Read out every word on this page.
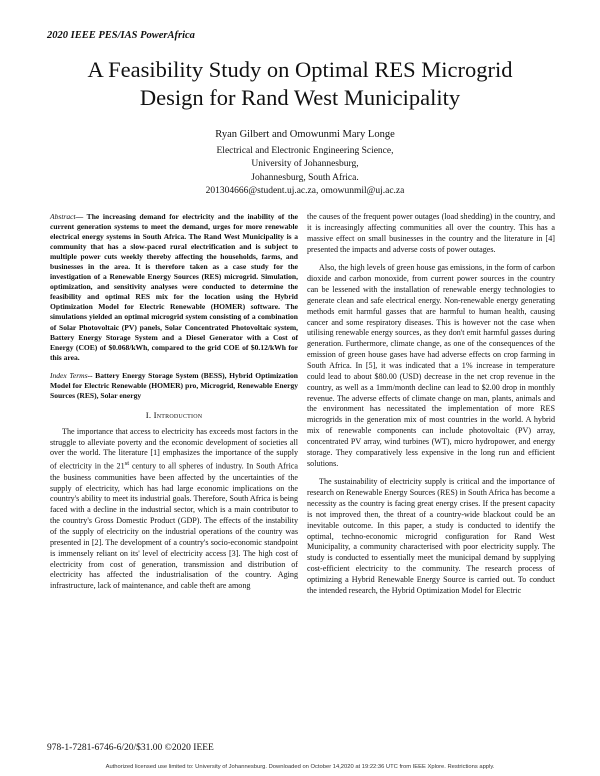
2020 IEEE PES/IAS PowerAfrica
A Feasibility Study on Optimal RES Microgrid
Design for Rand West Municipality
Ryan Gilbert and Omowunmi Mary Longe
Electrical and Electronic Engineering Science,
University of Johannesburg,
Johannesburg, South Africa.
201304666@student.uj.ac.za, omowunmil@uj.ac.za

Abstract— The increasing demand for electricity and the inability of the current generation systems to meet the demand, urges for more renewable electrical energy systems in South Africa. The Rand West Municipality is a community that has a slow-paced rural electrification and is subject to multiple power cuts weekly thereby affecting the households, farms, and businesses in the area. It is therefore taken as a case study for the investigation of a Renewable Energy Sources (RES) microgrid. Simulation, optimization, and sensitivity analyses were conducted to determine the feasibility and optimal RES mix for the location using the Hybrid Optimization Model for Electric Renewable (HOMER) software. The simulations yielded an optimal microgrid system consisting of a combination of Solar Photovoltaic (PV) panels, Solar Concentrated Photovoltaic system, Battery Energy Storage System and a Diesel Generator with a Cost of Energy (COE) of $0.068/kWh, compared to the grid COE of $0.12/kWh for this area.

Index Terms-- Battery Energy Storage System (BESS), Hybrid Optimization Model for Electric Renewable (HOMER) pro, Microgrid, Renewable Energy Sources (RES), Solar energy

I. Introduction

The importance that access to electricity has exceeds most factors in the struggle to alleviate poverty and the economic development of societies all over the world. The literature [1] emphasizes the importance of the supply of electricity in the 21st century to all spheres of industry. In South Africa the business communities have been affected by the uncertainties of the supply of electricity, which has had large economic implications on the country's ability to meet its industrial goals. Therefore, South Africa is being faced with a decline in the industrial sector, which is a main contributor to the country's Gross Domestic Product (GDP). The effects of the instability of the supply of electricity on the industrial operations of the country was presented in [2]. The development of a country's socio-economic standpoint is immensely reliant on its' level of electricity access [3]. The high cost of electricity from cost of generation, transmission and distribution of electricity has affected the industrialisation of the country. Aging infrastructure, lack of maintenance, and cable theft are among

the causes of the frequent power outages (load shedding) in the country, and it is increasingly affecting communities all over the country. This has a massive effect on small businesses in the country and the literature in [4] presented the impacts and adverse costs of power outages.

Also, the high levels of green house gas emissions, in the form of carbon dioxide and carbon monoxide, from current power sources in the country can be lessened with the installation of renewable energy technologies to generate clean and safe electrical energy. Non-renewable energy generating methods emit harmful gasses that are harmful to human health, causing cancer and some respiratory diseases. This is however not the case when utilising renewable energy sources, as they don't emit harmful gasses during generation. Furthermore, climate change, as one of the consequences of the emission of green house gases have had adverse effects on crop farming in South Africa. In [5], it was indicated that a 1% increase in temperature could lead to about $80.00 (USD) decrease in the net crop revenue in the country, as well as a 1mm/month decline can lead to $2.00 drop in monthly revenue. The adverse effects of climate change on man, plants, animals and the environment has necessitated the implementation of more RES microgrids in the generation mix of most countries in the world. A hybrid mix of renewable components can include photovoltaic (PV) array, concentrated PV array, wind turbines (WT), micro hydropower, and energy storage. They comparatively less expensive in the long run and efficient solutions.

The sustainability of electricity supply is critical and the importance of research on Renewable Energy Sources (RES) in South Africa has become a necessity as the country is facing great energy crises. If the present capacity is not improved then, the threat of a country-wide blackout could be an inevitable outcome. In this paper, a study is conducted to identify the optimal, techno-economic microgrid configuration for Rand West Municipality, a community characterised with poor electricity supply. The study is conducted to essentially meet the municipal demand by supplying cost-efficient electricity to the community. The research process of optimizing a Hybrid Renewable Energy Source is carried out. To conduct the intended research, the Hybrid Optimization Model for Electric

978-1-7281-6746-6/20/$31.00 ©2020 IEEE
Authorized licensed use limited to: University of Johannesburg. Downloaded on October 14,2020 at 19:22:36 UTC from IEEE Xplore. Restrictions apply.
